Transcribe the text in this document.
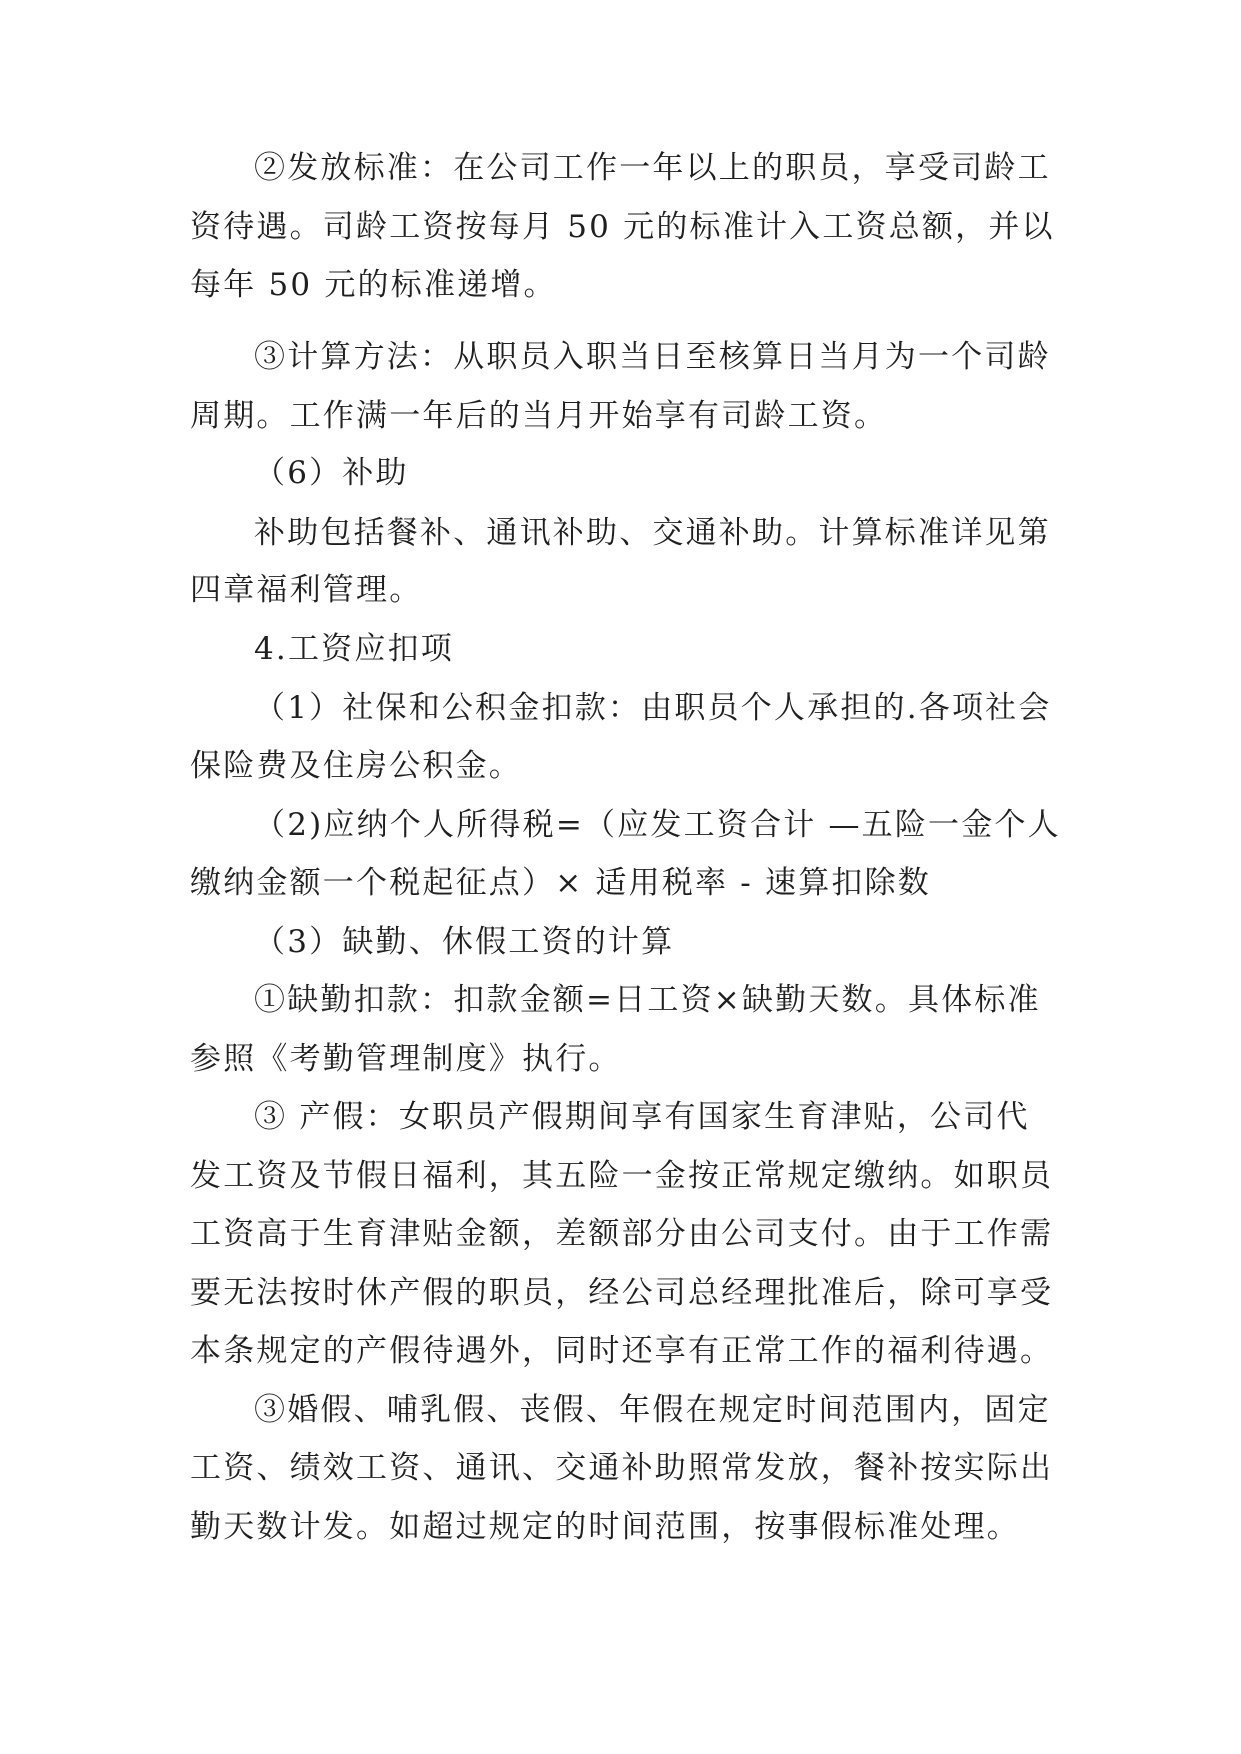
②发放标准：在公司工作一年以上的职员，享受司龄工
资待遇。司龄工资按每月 50 元的标准计入工资总额，并以
每年 50 元的标准递增。
③计算方法：从职员入职当日至核算日当月为一个司龄
周期。工作满一年后的当月开始享有司龄工资。
（6）补助
补助包括餐补、通讯补助、交通补助。计算标准详见第
四章福利管理。
4.工资应扣项
（1）社保和公积金扣款：由职员个人承担的.各项社会
保险费及住房公积金。
（2)应纳个人所得税=（应发工资合计 —五险一金个人
缴纳金额一个税起征点）× 适用税率 - 速算扣除数
（3）缺勤、休假工资的计算
①缺勤扣款：扣款金额=日工资×缺勤天数。具体标准
参照《考勤管理制度》执行。
③ 产假：女职员产假期间享有国家生育津贴，公司代
发工资及节假日福利，其五险一金按正常规定缴纳。如职员
工资高于生育津贴金额，差额部分由公司支付。由于工作需
要无法按时休产假的职员，经公司总经理批准后，除可享受
本条规定的产假待遇外，同时还享有正常工作的福利待遇。
③婚假、哺乳假、丧假、年假在规定时间范围内，固定
工资、绩效工资、通讯、交通补助照常发放，餐补按实际出
勤天数计发。如超过规定的时间范围，按事假标准处理。
